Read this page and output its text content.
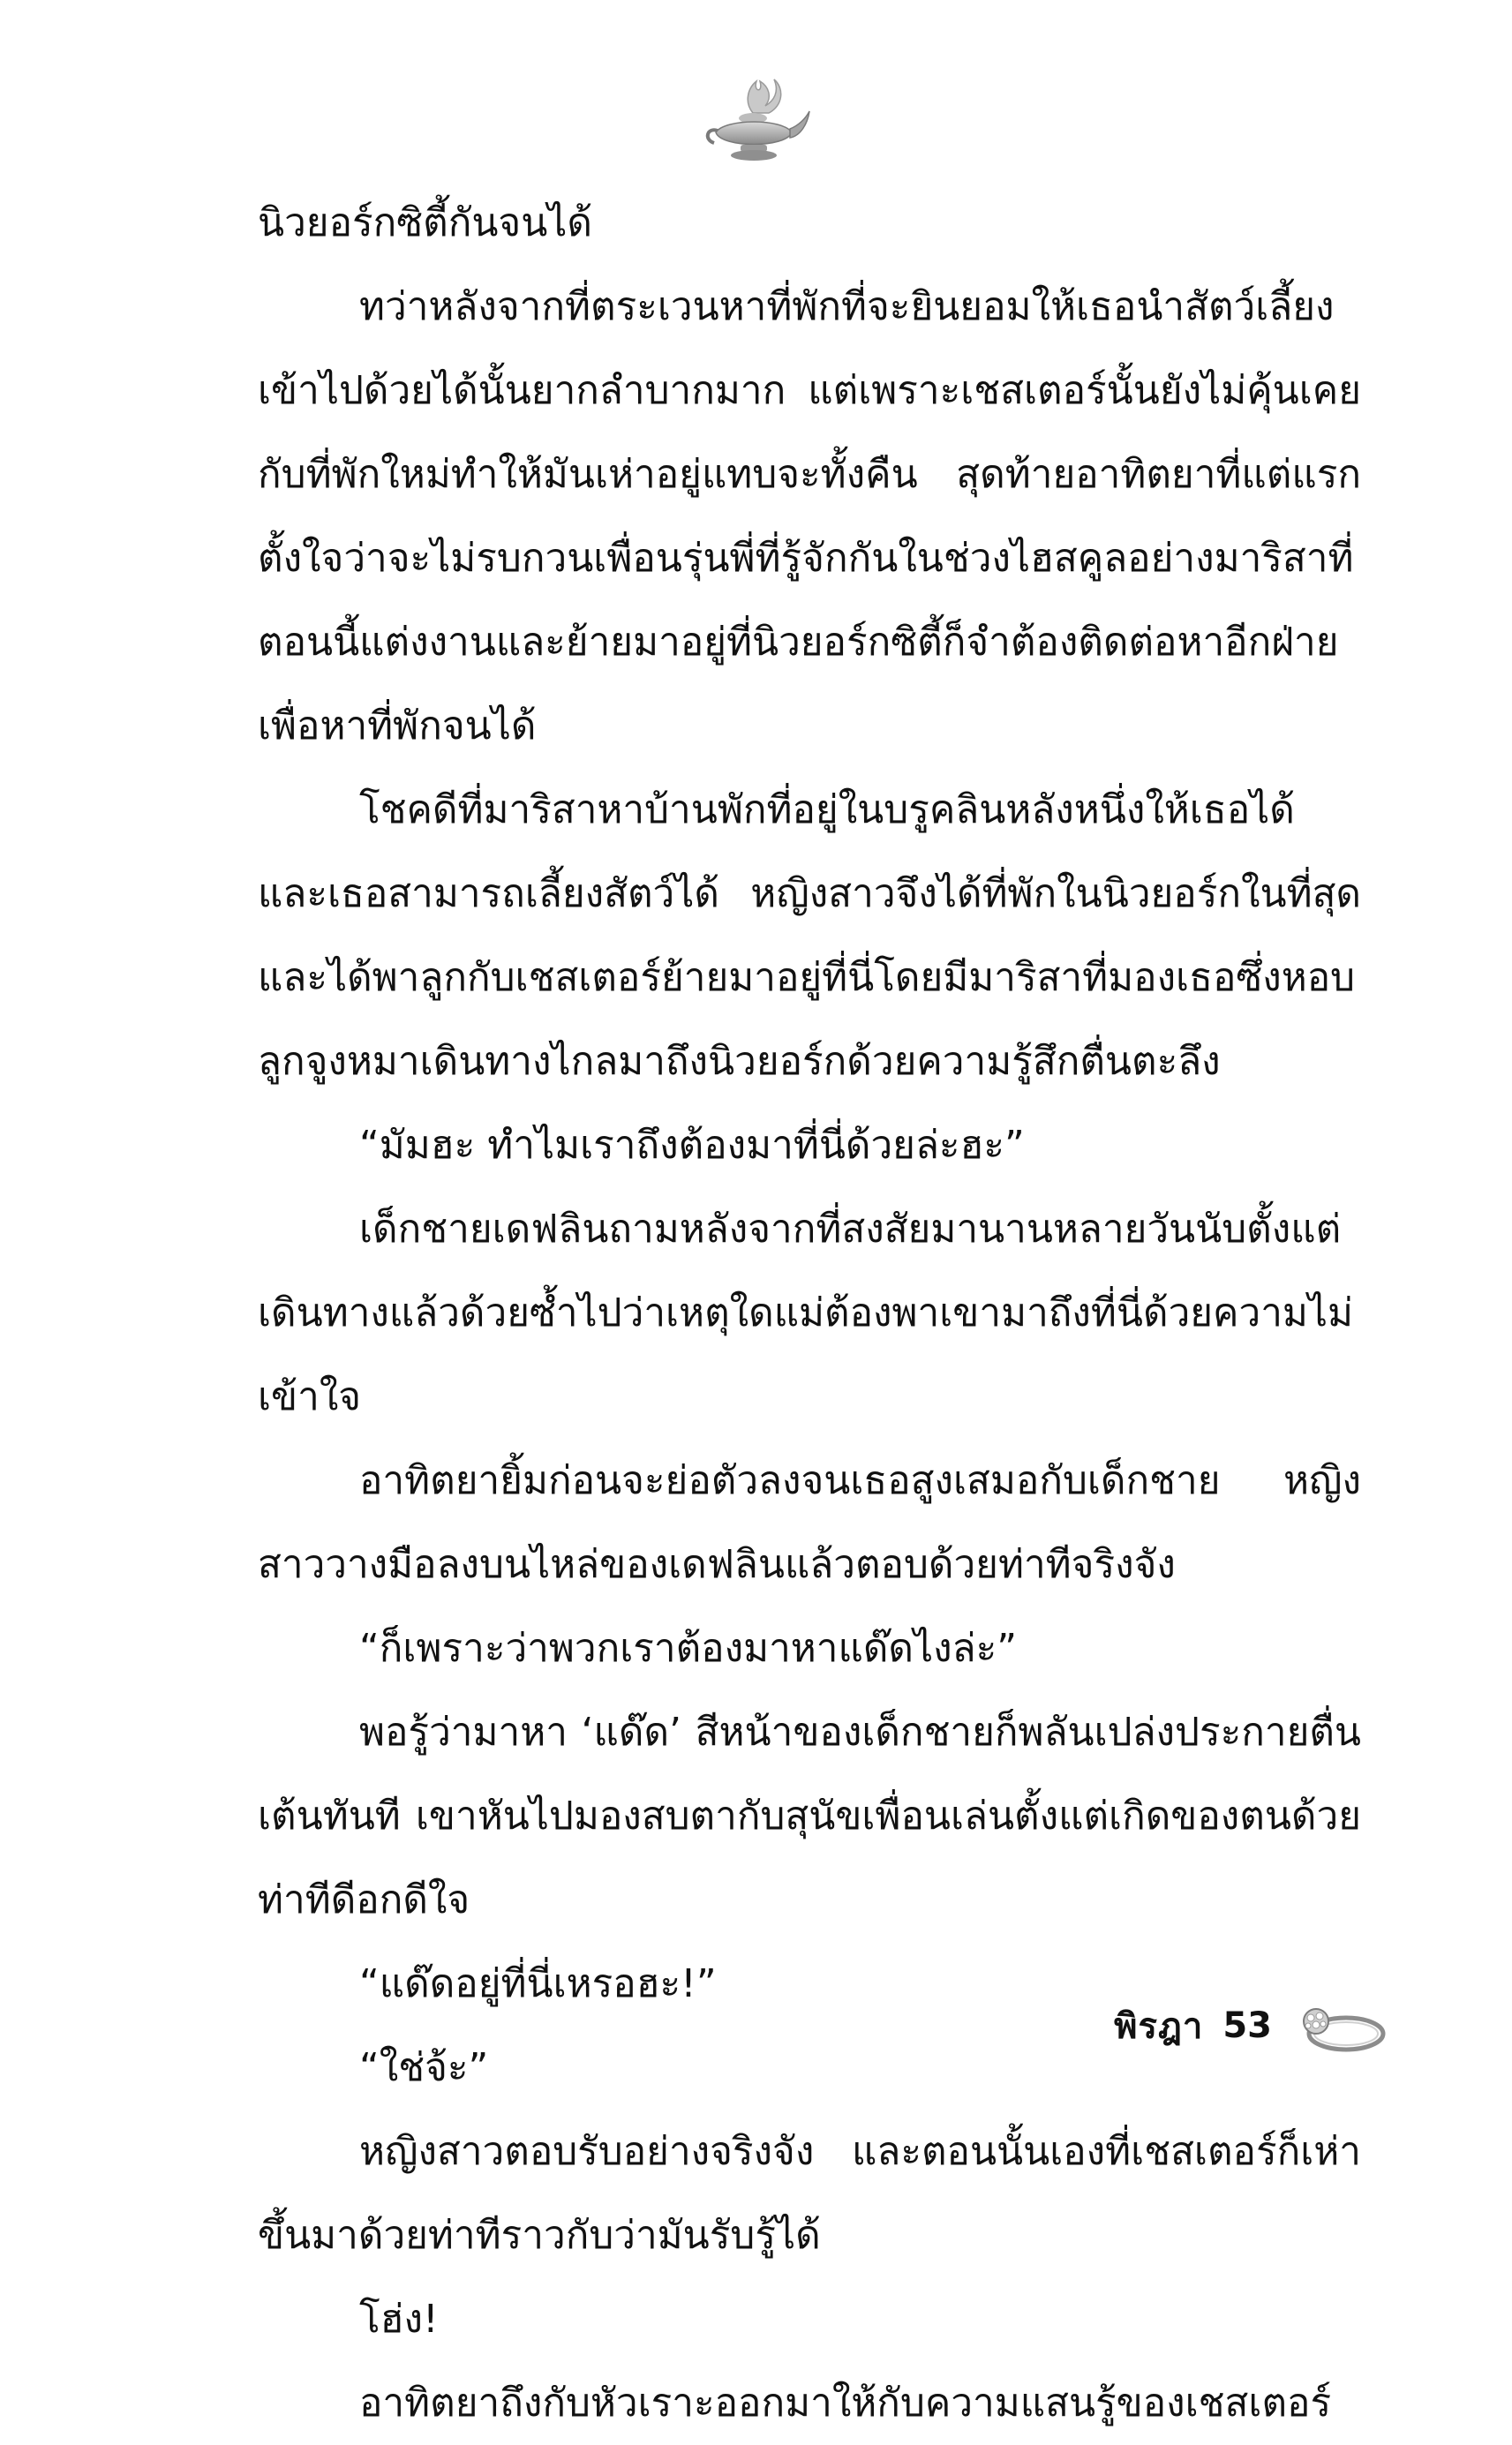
นิวยอร์กซิตี้กันจนได้

ทว่าหลังจากที่ตระเวนหาที่พักที่จะยินยอมให้เธอนำสัตว์เลี้ยงเข้าไปด้วยได้นั้นยากลำบากมาก แต่เพราะเชสเตอร์นั้นยังไม่คุ้นเคยกับที่พักใหม่ทำให้มันเห่าอยู่แทบจะทั้งคืน สุดท้ายอาทิตยาที่แต่แรกตั้งใจว่าจะไม่รบกวนเพื่อนรุ่นพี่ที่รู้จักกันในช่วงไฮสคูลอย่างมาริสาที่ตอนนี้แต่งงานและย้ายมาอยู่ที่นิวยอร์กซิตี้ก็จำต้องติดต่อหาอีกฝ่ายเพื่อหาที่พักจนได้

โชคดีที่มาริสาหาบ้านพักที่อยู่ในบรูคลินหลังหนึ่งให้เธอได้ และเธอสามารถเลี้ยงสัตว์ได้ หญิงสาวจึงได้ที่พักในนิวยอร์กในที่สุด และได้พาลูกกับเชสเตอร์ย้ายมาอยู่ที่นี่โดยมีมาริสาที่มองเธอซึ่งหอบลูกจูงหมาเดินทางไกลมาถึงนิวยอร์กด้วยความรู้สึกตื่นตะลึง

“มัมฮะ ทำไมเราถึงต้องมาที่นี่ด้วยล่ะฮะ”

เด็กชายเดฟลินถามหลังจากที่สงสัยมานานหลายวันนับตั้งแต่เดินทางแล้วด้วยซ้ำไปว่าเหตุใดแม่ต้องพาเขามาถึงที่นี่ด้วยความไม่เข้าใจ

อาทิตยายิ้มก่อนจะย่อตัวลงจนเธอสูงเสมอกับเด็กชาย หญิงสาววางมือลงบนไหล่ของเดฟลินแล้วตอบด้วยท่าทีจริงจัง

“ก็เพราะว่าพวกเราต้องมาหาแด๊ดไงล่ะ”

พอรู้ว่ามาหา ‘แด๊ด’ สีหน้าของเด็กชายก็พลันเปล่งประกายตื่นเต้นทันที เขาหันไปมองสบตากับสุนัขเพื่อนเล่นตั้งแต่เกิดของตนด้วยท่าทีดีอกดีใจ

“แด๊ดอยู่ที่นี่เหรอฮะ!”

“ใช่จ้ะ”

หญิงสาวตอบรับอย่างจริงจัง และตอนนั้นเองที่เชสเตอร์ก็เห่าขึ้นมาด้วยท่าทีราวกับว่ามันรับรู้ได้

โฮ่ง!

อาทิตยาถึงกับหัวเราะออกมาให้กับความแสนรู้ของเชสเตอร์

พิรฎา 53
